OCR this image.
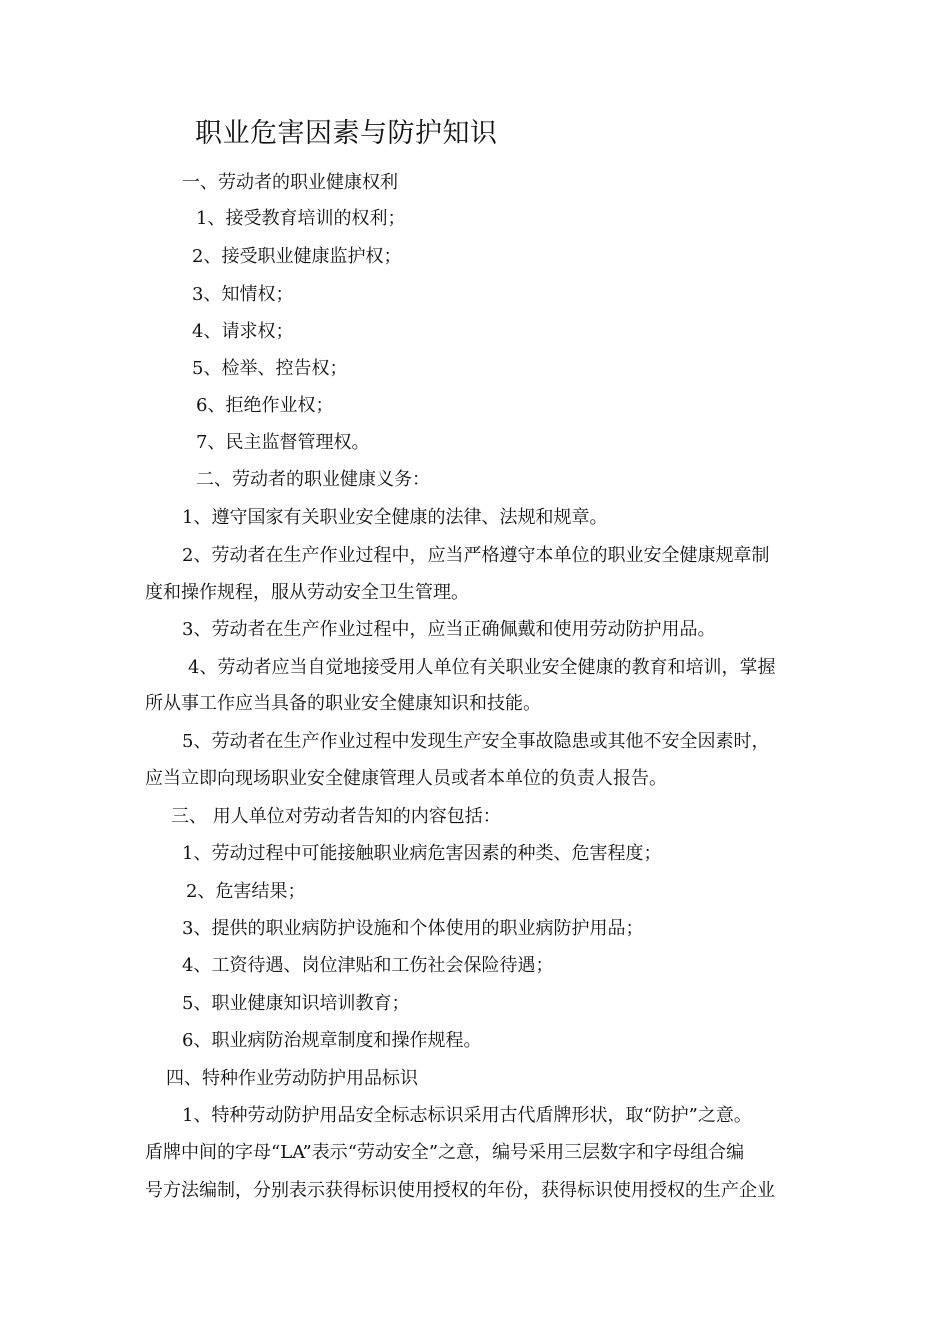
职业危害因素与防护知识
一、劳动者的职业健康权利
1、接受教育培训的权利；
2、接受职业健康监护权；
3、知情权；
4、请求权；
5、检举、控告权；
6、拒绝作业权；
7、民主监督管理权。
二、劳动者的职业健康义务：
1、遵守国家有关职业安全健康的法律、法规和规章。
2、劳动者在生产作业过程中，应当严格遵守本单位的职业安全健康规章制
度和操作规程，服从劳动安全卫生管理。
3、劳动者在生产作业过程中，应当正确佩戴和使用劳动防护用品。
4、劳动者应当自觉地接受用人单位有关职业安全健康的教育和培训，掌握
所从事工作应当具备的职业安全健康知识和技能。
5、劳动者在生产作业过程中发现生产安全事故隐患或其他不安全因素时，
应当立即向现场职业安全健康管理人员或者本单位的负责人报告。
三、 用人单位对劳动者告知的内容包括：
1、劳动过程中可能接触职业病危害因素的种类、危害程度；
2、危害结果；
3、提供的职业病防护设施和个体使用的职业病防护用品；
4、工资待遇、岗位津贴和工伤社会保险待遇；
5、职业健康知识培训教育；
6、职业病防治规章制度和操作规程。
四、特种作业劳动防护用品标识
1、特种劳动防护用品安全标志标识采用古代盾牌形状，取“防护”之意。
盾牌中间的字母“LA”表示“劳动安全”之意，编号采用三层数字和字母组合编
号方法编制，分别表示获得标识使用授权的年份，获得标识使用授权的生产企业
